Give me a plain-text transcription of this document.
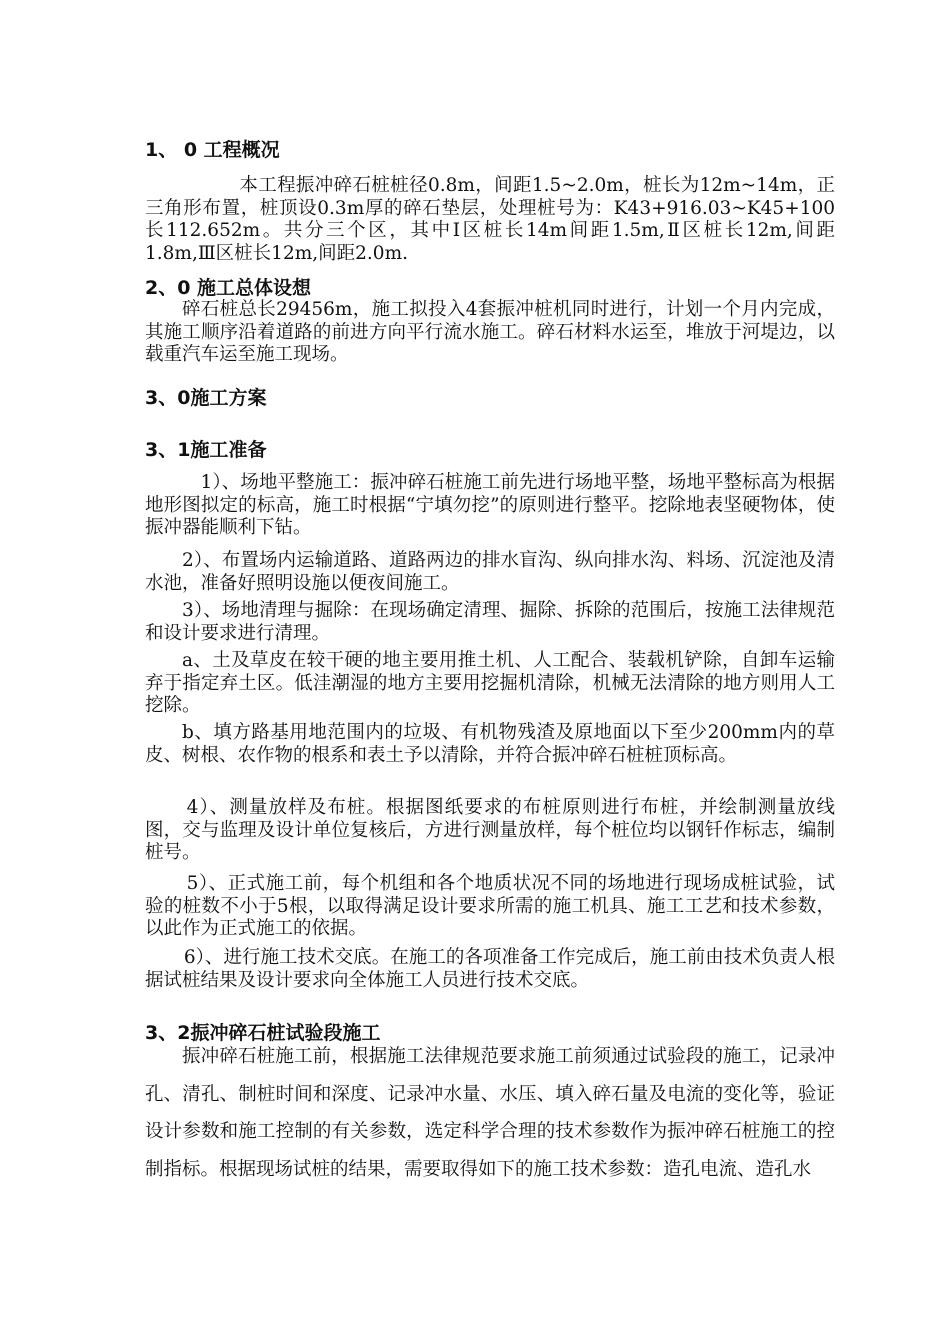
1、 0 工程概况

本工程振冲碎石桩桩径0.8m，间距1.5~2.0m，桩长为12m~14m，正三角形布置，桩顶设0.3m厚的碎石垫层，处理桩号为：K43+916.03~K45+100长112.652m。共分三个区，其中Ⅰ区桩长14m间距1.5m,Ⅱ区桩长12m,间距1.8m,Ⅲ区桩长12m,间距2.0m.

2、0 施工总体设想

碎石桩总长29456m，施工拟投入4套振冲桩机同时进行，计划一个月内完成，其施工顺序沿着道路的前进方向平行流水施工。碎石材料水运至，堆放于河堤边，以载重汽车运至施工现场。

3、0施工方案
3、1施工准备

1）、场地平整施工：振冲碎石桩施工前先进行场地平整，场地平整标高为根据地形图拟定的标高，施工时根据“宁填勿挖”的原则进行整平。挖除地表坚硬物体，使振冲器能顺利下钻。

2）、布置场内运输道路、道路两边的排水盲沟、纵向排水沟、料场、沉淀池及清水池，准备好照明设施以便夜间施工。

3）、场地清理与掘除：在现场确定清理、掘除、拆除的范围后，按施工法律规范和设计要求进行清理。

a、土及草皮在较干硬的地主要用推土机、人工配合、装载机铲除，自卸车运输弃于指定弃土区。低洼潮湿的地方主要用挖掘机清除，机械无法清除的地方则用人工挖除。

b、填方路基用地范围内的垃圾、有机物残渣及原地面以下至少200mm内的草皮、树根、农作物的根系和表土予以清除，并符合振冲碎石桩桩顶标高。

4）、测量放样及布桩。根据图纸要求的布桩原则进行布桩，并绘制测量放线图，交与监理及设计单位复核后，方进行测量放样，每个桩位均以钢钎作标志，编制桩号。

5）、正式施工前，每个机组和各个地质状况不同的场地进行现场成桩试验，试验的桩数不小于5根，以取得满足设计要求所需的施工机具、施工工艺和技术参数，以此作为正式施工的依据。

6）、进行施工技术交底。在施工的各项准备工作完成后，施工前由技术负责人根据试桩结果及设计要求向全体施工人员进行技术交底。

3、2振冲碎石桩试验段施工

振冲碎石桩施工前，根据施工法律规范要求施工前须通过试验段的施工，记录冲孔、清孔、制桩时间和深度、记录冲水量、水压、填入碎石量及电流的变化等，验证设计参数和施工控制的有关参数，选定科学合理的技术参数作为振冲碎石桩施工的控制指标。根据现场试桩的结果，需要取得如下的施工技术参数：造孔电流、造孔水
